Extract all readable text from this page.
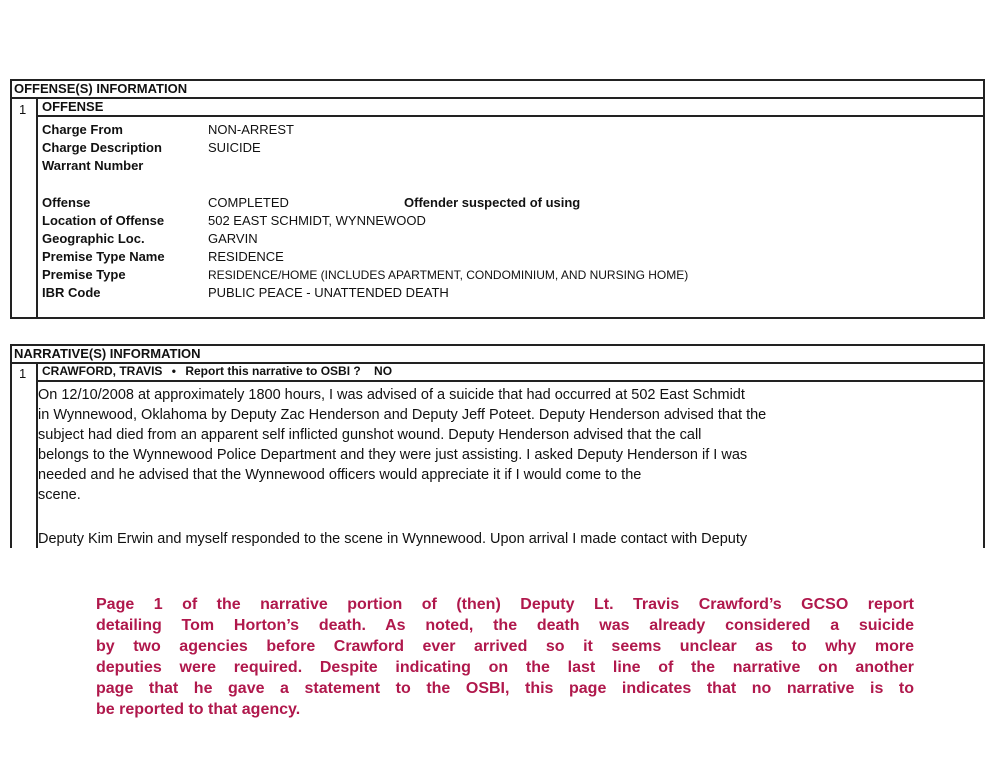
OFFENSE(S) INFORMATION
1	OFFENSE
Charge From	NON-ARREST
Charge Description	SUICIDE
Warrant Number
Offense	COMPLETED	Offender suspected of using
Location of Offense	502 EAST SCHMIDT, WYNNEWOOD
Geographic Loc.	GARVIN
Premise Type Name	RESIDENCE
Premise Type	RESIDENCE/HOME (INCLUDES APARTMENT, CONDOMINIUM, AND NURSING HOME)
IBR Code	PUBLIC PEACE - UNATTENDED DEATH
NARRATIVE(S) INFORMATION
1	CRAWFORD, TRAVIS • Report this narrative to OSBI ? NO
On 12/10/2008 at approximately 1800 hours, I was advised of a suicide that had occurred at 502 East Schmidt
in Wynnewood, Oklahoma by Deputy Zac Henderson and Deputy Jeff Poteet. Deputy Henderson advised that the
subject had died from an apparent self inflicted gunshot wound. Deputy Henderson advised that the call
belongs to the Wynnewood Police Department and they were just assisting. I asked Deputy Henderson if I was
needed and he advised that the Wynnewood officers would appreciate it if I would come to the
scene.
Deputy Kim Erwin and myself responded to the scene in Wynnewood. Upon arrival I made contact with Deputy
Page 1 of the narrative portion of (then) Deputy Lt. Travis Crawford’s GCSO report
detailing Tom Horton’s death. As noted, the death was already considered a suicide
by two agencies before Crawford ever arrived so it seems unclear as to why more
deputies were required. Despite indicating on the last line of the narrative on another
page that he gave a statement to the OSBI, this page indicates that no narrative is to
be reported to that agency.
